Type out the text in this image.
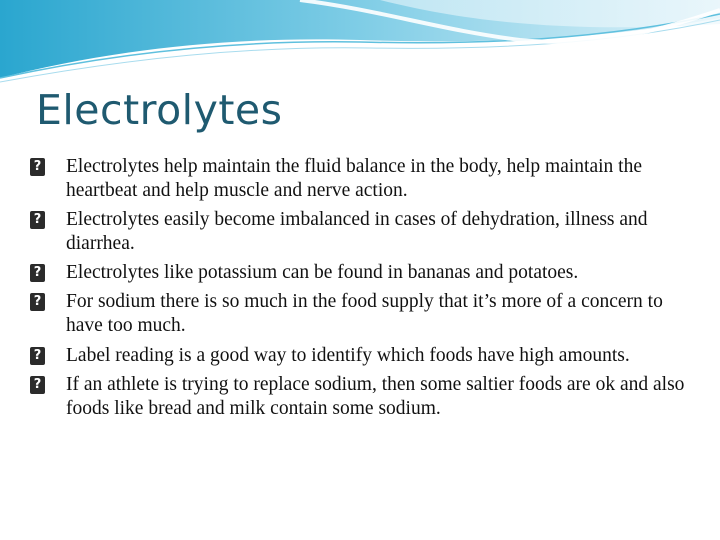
Electrolytes
? Electrolytes help maintain the fluid balance in the body, help maintain the heartbeat and help muscle and nerve action.
? Electrolytes easily become imbalanced in cases of dehydration, illness and diarrhea.
? Electrolytes like potassium can be found in bananas and potatoes.
? For sodium there is so much in the food supply that it’s more of a concern to have too much.
? Label reading is a good way to identify which foods have high amounts.
? If an athlete is trying to replace sodium, then some saltier foods are ok and also foods like bread and milk contain some sodium.
